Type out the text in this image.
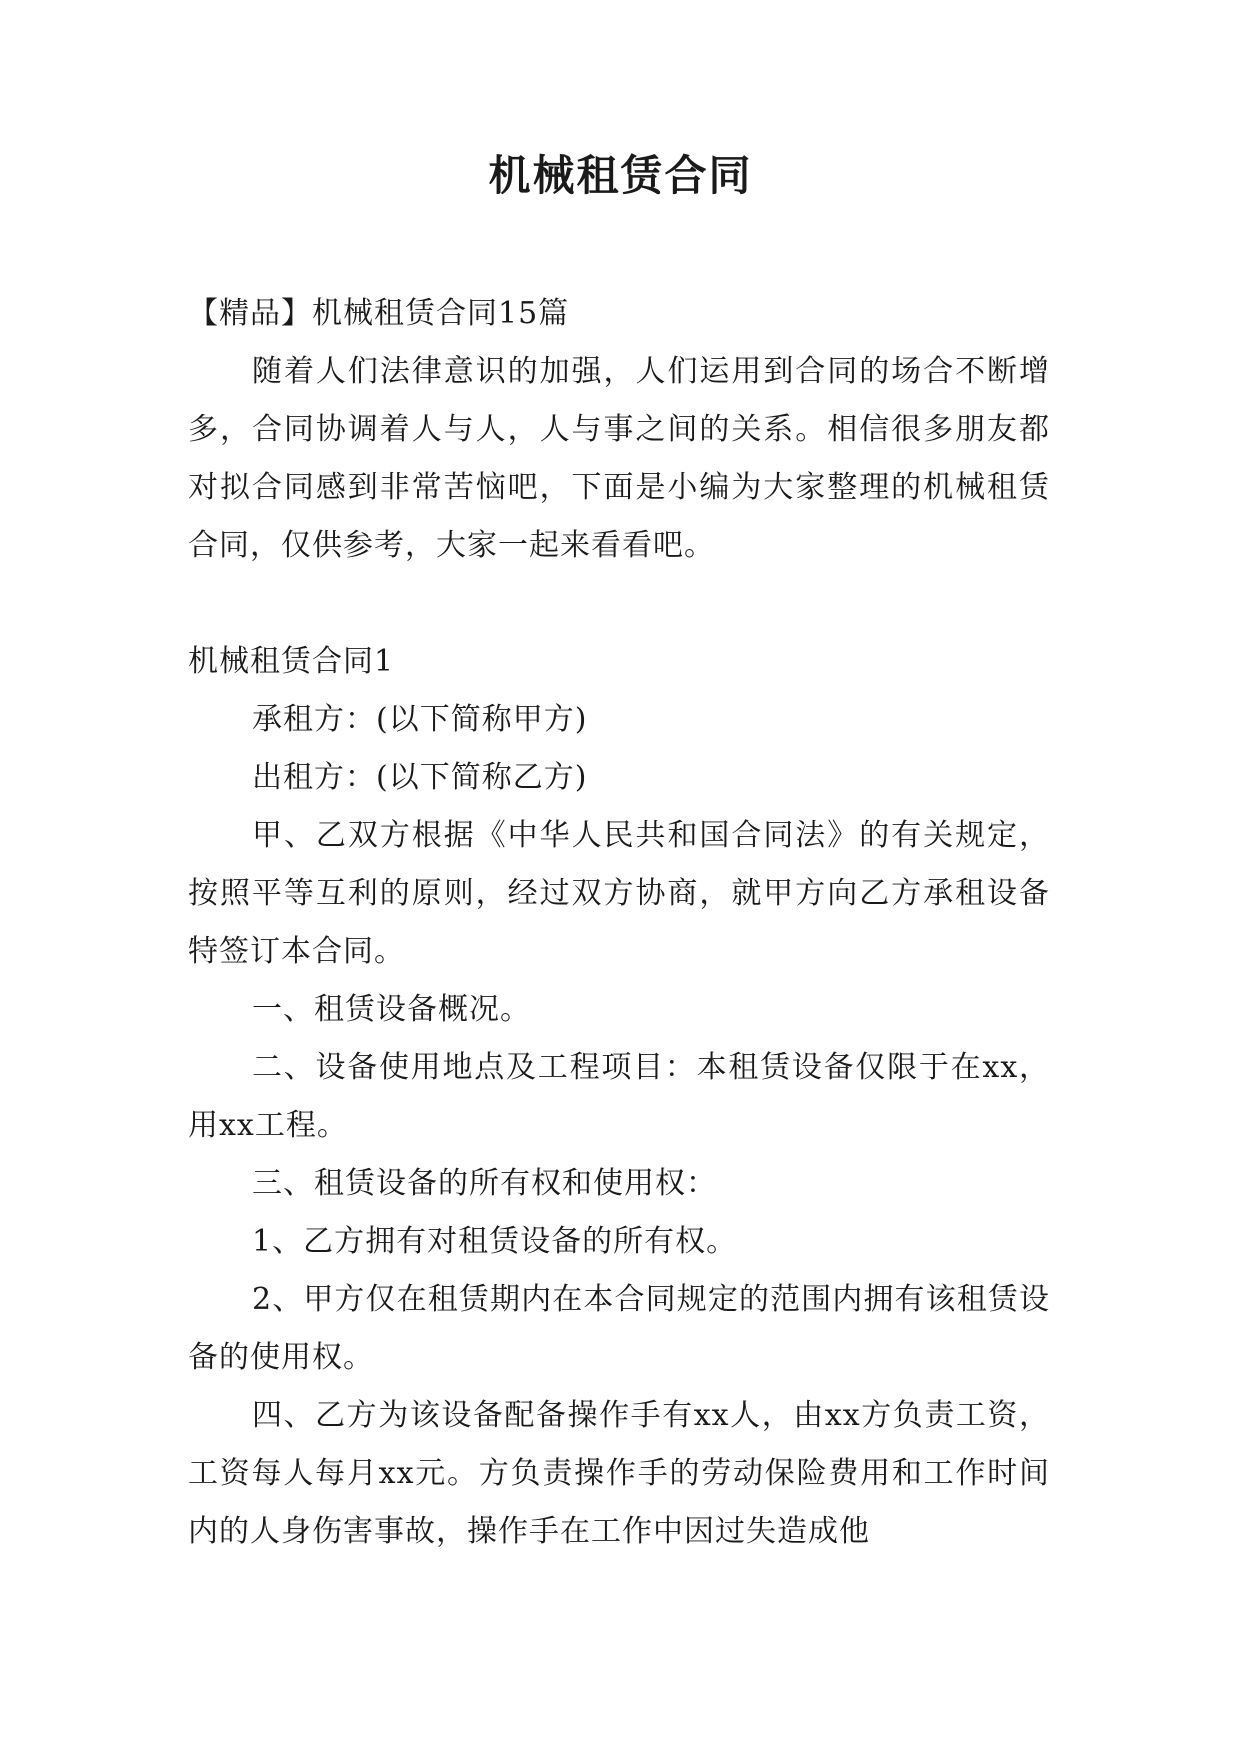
机械租赁合同

【精品】机械租赁合同15篇

随着人们法律意识的加强，人们运用到合同的场合不断增多，合同协调着人与人，人与事之间的关系。相信很多朋友都对拟合同感到非常苦恼吧，下面是小编为大家整理的机械租赁合同，仅供参考，大家一起来看看吧。

机械租赁合同1

承租方：(以下简称甲方)

出租方：(以下简称乙方)

甲、乙双方根据《中华人民共和国合同法》的有关规定，按照平等互利的原则，经过双方协商，就甲方向乙方承租设备特签订本合同。

一、租赁设备概况。

二、设备使用地点及工程项目：本租赁设备仅限于在xx，用xx工程。

三、租赁设备的所有权和使用权：

1、乙方拥有对租赁设备的所有权。

2、甲方仅在租赁期内在本合同规定的范围内拥有该租赁设备的使用权。

四、乙方为该设备配备操作手有xx人，由xx方负责工资，工资每人每月xx元。方负责操作手的劳动保险费用和工作时间内的人身伤害事故，操作手在工作中因过失造成他
